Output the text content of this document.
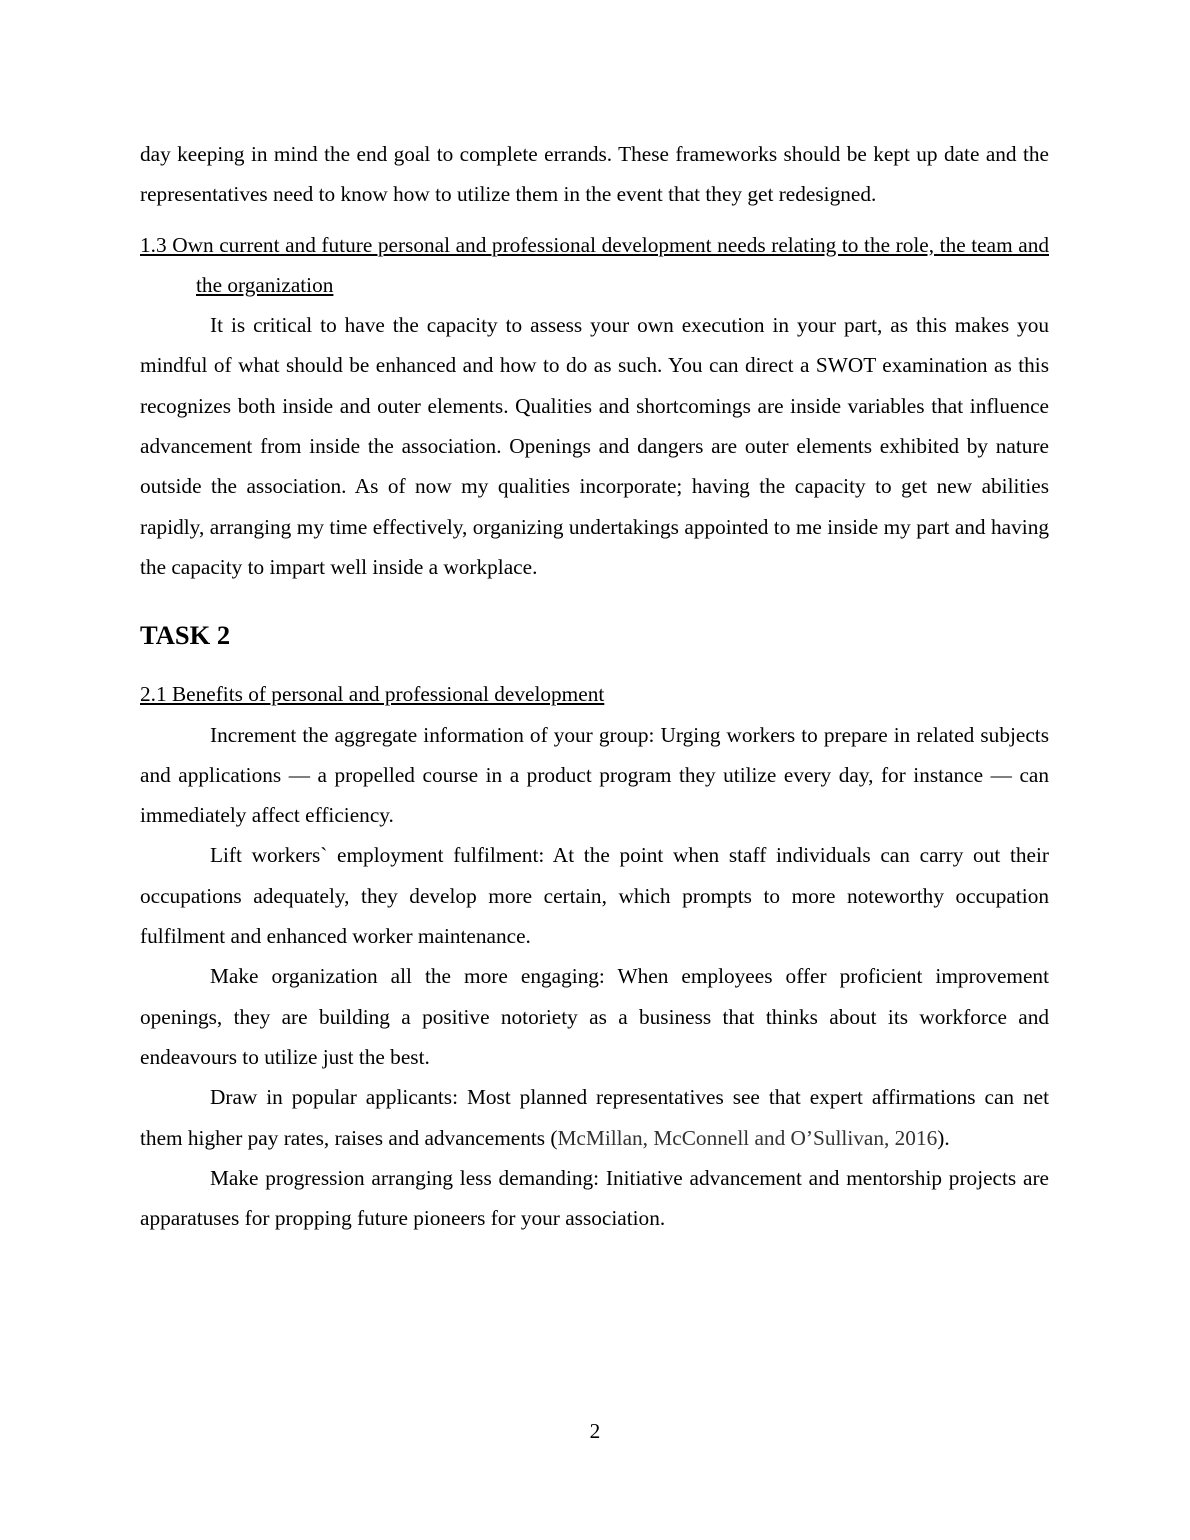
day keeping in mind the end goal to complete errands. These frameworks should be kept up date and the representatives need to know how to utilize them in the event that they get redesigned.

1.3 Own current and future personal and professional development needs relating to the role, the team and the organization

It is critical to have the capacity to assess your own execution in your part, as this makes you mindful of what should be enhanced and how to do as such. You can direct a SWOT examination as this recognizes both inside and outer elements. Qualities and shortcomings are inside variables that influence advancement from inside the association. Openings and dangers are outer elements exhibited by nature outside the association. As of now my qualities incorporate; having the capacity to get new abilities rapidly, arranging my time effectively, organizing undertakings appointed to me inside my part and having the capacity to impart well inside a workplace.

TASK 2

2.1 Benefits of personal and professional development

Increment the aggregate information of your group: Urging workers to prepare in related subjects and applications — a propelled course in a product program they utilize every day, for instance — can immediately affect efficiency.

Lift workers` employment fulfilment: At the point when staff individuals can carry out their occupations adequately, they develop more certain, which prompts to more noteworthy occupation fulfilment and enhanced worker maintenance.

Make organization all the more engaging: When employees offer proficient improvement openings, they are building a positive notoriety as a business that thinks about its workforce and endeavours to utilize just the best.

Draw in popular applicants: Most planned representatives see that expert affirmations can net them higher pay rates, raises and advancements (McMillan, McConnell and O’Sullivan, 2016).

Make progression arranging less demanding: Initiative advancement and mentorship projects are apparatuses for propping future pioneers for your association.

2
